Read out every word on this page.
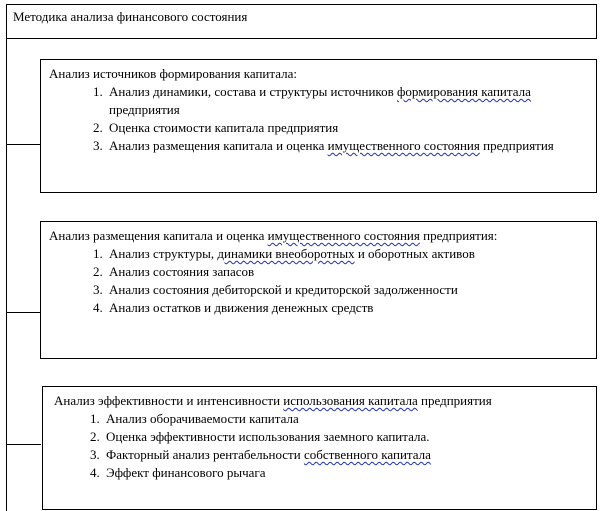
Методика анализа финансового состояния
Анализ источников формирования капитала:
1. Анализ динамики, состава и структуры источников формирования капитала предприятия
2. Оценка стоимости капитала предприятия
3. Анализ размещения капитала и оценка имущественного состояния предприятия
Анализ размещения капитала и оценка имущественного состояния предприятия:
1. Анализ структуры, динамики внеоборотных и оборотных активов
2. Анализ состояния запасов
3. Анализ состояния дебиторской и кредиторской задолженности
4. Анализ остатков и движения денежных средств
Анализ эффективности и интенсивности использования капитала предприятия
1. Анализ оборачиваемости капитала
2. Оценка эффективности использования заемного капитала.
3. Факторный анализ рентабельности собственного капитала
4. Эффект финансового рычага
